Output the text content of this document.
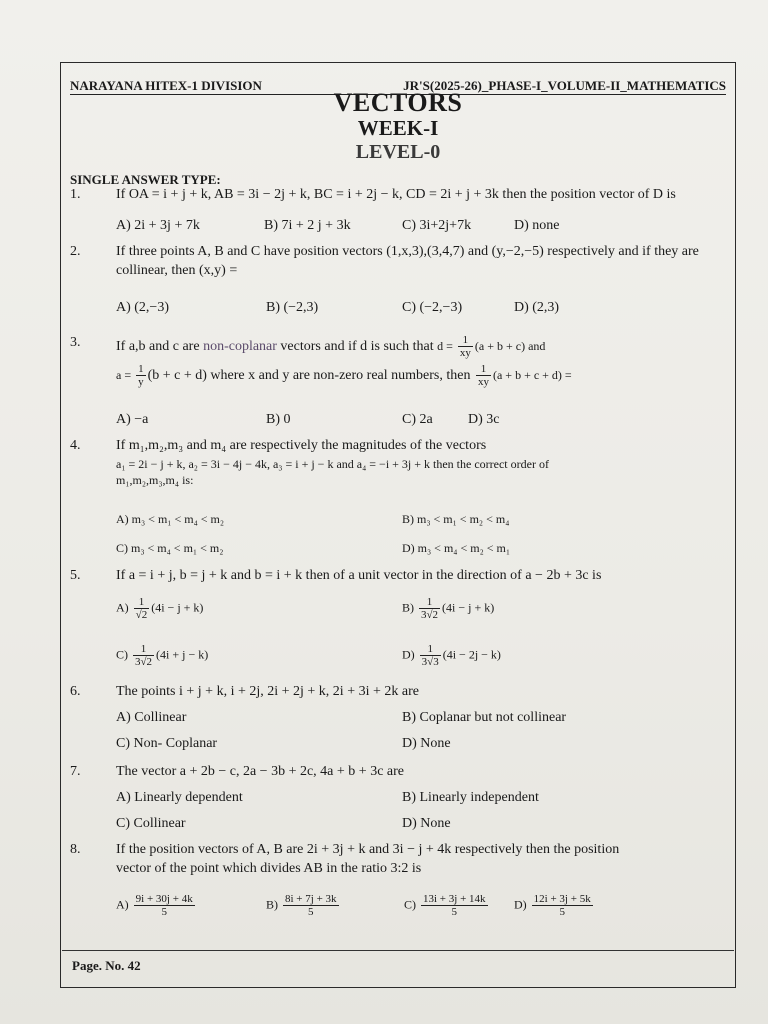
NARAYANA HITEX-1 DIVISION	JR'S(2025-26)_PHASE-I_VOLUME-II_MATHEMATICS
VECTORS
WEEK-I
LEVEL-0
SINGLE ANSWER TYPE:
1.	If OA = i + j + k, AB = 3i − 2j + k, BC = i + 2j − k, CD = 2i + j + 3k then the position vector of D is
A) 2i + 3j + 7k	B) 7i + 2 j + 3k	C) 3i+2j+7k	D) none
2.	If three points A, B and C have position vectors (1,x,3),(3,4,7) and (y,−2,−5) respectively and if they are collinear, then (x,y) =
A) (2,−3)	B) (−2,3)	C) (−2,−3)	D) (2,3)
3.	If a,b and c are non-coplanar vectors and if d is such that $d = \frac{1}{xy} (a + b + c)$ and
$a = \frac{1}{y} (b + c + d)$ where x and y are non-zero real numbers, then $\frac{1}{xy} (a + b + c + d)$ =
A) −a	B) 0	C) 2a	D) 3c
4.	If m₁,m₂,m₃ and m₄ are respectively the magnitudes of the vectors
a₁ = 2i − j + k, a₂ = 3i − 4j − 4k, a₃ = i + j − k and a₄ = −i + 3j + k then the correct order of
m₁,m₂,m₃,m₄ is:
A) m₃ < m₁ < m₄ < m₂	B) m₃ < m₁ < m₂ < m₄
C) m₃ < m₄ < m₁ < m₂	D) m₃ < m₄ < m₂ < m₁
5.	If a = i + j, b = j + k and b = i + k then of a unit vector in the direction of a − 2b + 3c is
$A) \frac{1}{√2} (4i - j + k)$	$B) \frac{1}{3√2} (4i - j + k)$
$C) \frac{1}{3√2} (4i + j - k)$	$D) \frac{1}{3√3} (4i - 2j - k)$
6.	The points i + j + k, i + 2j, 2i + 2j + k, 2i + 3i + 2k are
A) Collinear	B) Coplanar but not collinear
C) Non- Coplanar	D) None
7.	The vector a + 2b − c, 2a − 3b + 2c, 4a + b + 3c are
A) Linearly dependent	B) Linearly independent
C) Collinear	D) None
8.	If the position vectors of A, B are 2i + 3j + k and 3i − j + 4k respectively then the position
vector of the point which divides AB in the ratio 3:2 is
$A) \frac{9i + 30j + 4k}{5}$	$B) \frac{8i + 7j + 3k}{5}$	$C) \frac{13i + 3j + 14k}{5} D) \frac{12i + 3j + 5k}{5}$
Page. No. 42
